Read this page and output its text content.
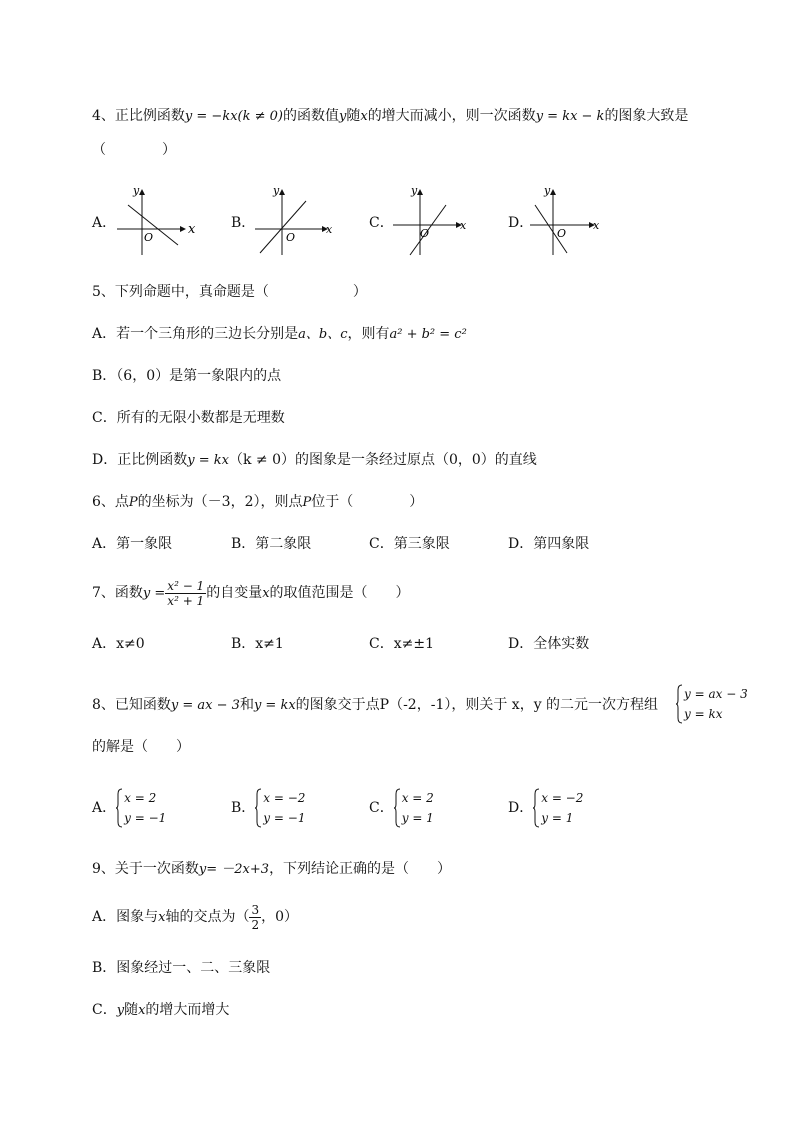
4、正比例函数y = −kx(k ≠ 0)的函数值y随x的增大而减小，则一次函数y = kx − k的图象大致是
（　　　　）
A．	x
y
O
B．	x
y
O
C．	x
y
O
D．	x
y
O
5、下列命题中，真命题是（　　　　　　）
A．若一个三角形的三边长分别是a、b、c，则有a² + b² = c²
B．（6，0）是第一象限内的点
C．所有的无限小数都是无理数
D．正比例函数y = kx（k ≠ 0）的图象是一条经过原点（0，0）的直线
6、点P的坐标为（－3，2），则点P位于（　　　　）
A．第一象限	B．第二象限	C．第三象限	D．第四象限
7、函数$y = \frac{\text{x² − 1}}{\text{x² + 1}}$ 的自变量x的取值范围是（　　）
A．x≠0	B．x≠1	C．x≠±1	D．全体实数
8、已知函数y = ax − 3和y = kx的图象交于点P（-2，-1），则关于 x，y 的二元一次方程组
y = ax − 3
y = kx
的解是（　　）
A．
x = 2
y = −1
B．
x = −2
y = −1
C．
x = 2
y = 1
D．
x = −2
y = 1
9、关于一次函数y= －2x+3，下列结论正确的是（　　）
A．图象与x轴的交点为（ $\frac{3}{2}$ ，0）
B．图象经过一、二、三象限
C．y随x的增大而增大
